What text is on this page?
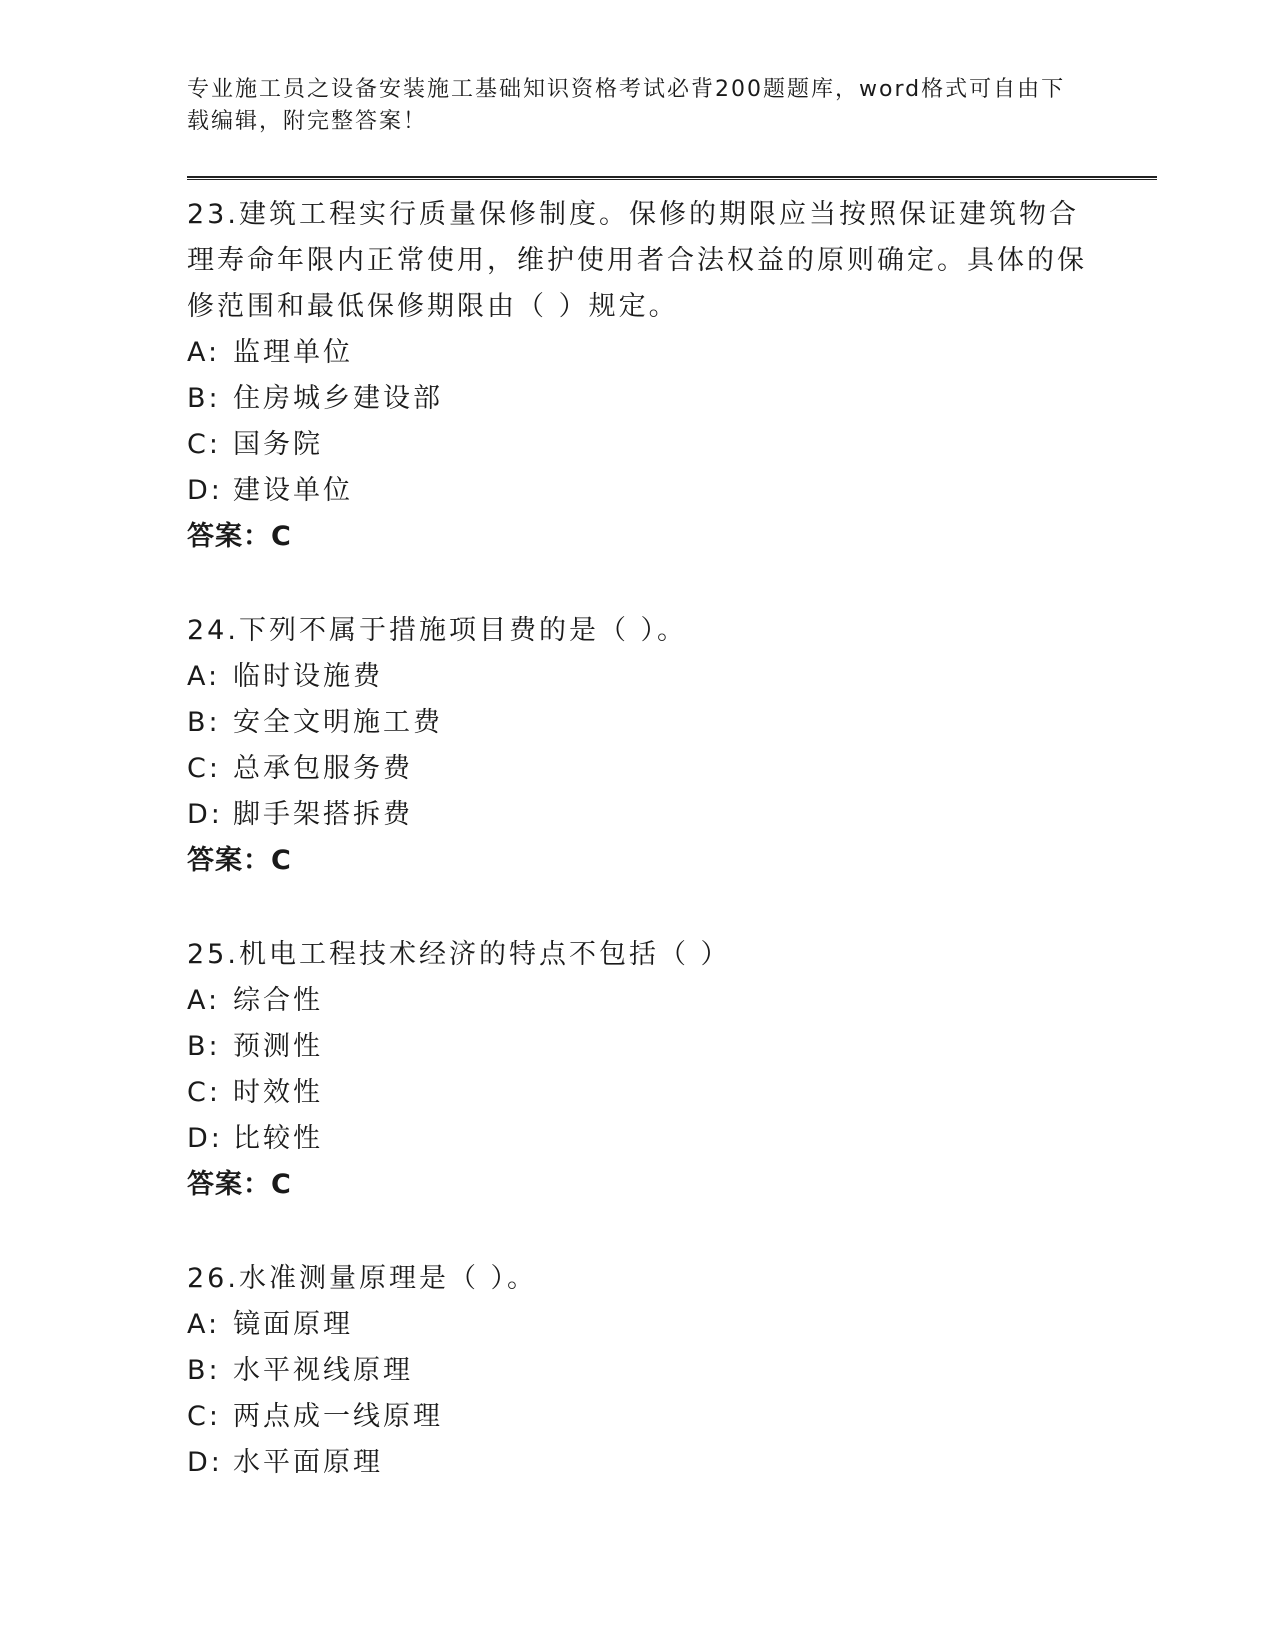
专业施工员之设备安装施工基础知识资格考试必背200题题库，word格式可自由下载编辑，附完整答案！

23.建筑工程实行质量保修制度。保修的期限应当按照保证建筑物合理寿命年限内正常使用，维护使用者合法权益的原则确定。具体的保修范围和最低保修期限由（ ）规定。

A: 监理单位

B: 住房城乡建设部

C: 国务院

D: 建设单位

答案：C

24.下列不属于措施项目费的是（ ）。

A: 临时设施费

B: 安全文明施工费

C: 总承包服务费

D: 脚手架搭拆费

答案：C

25.机电工程技术经济的特点不包括（ ）

A: 综合性

B: 预测性

C: 时效性

D: 比较性

答案：C

26.水准测量原理是（ ）。

A: 镜面原理

B: 水平视线原理

C: 两点成一线原理

D: 水平面原理
